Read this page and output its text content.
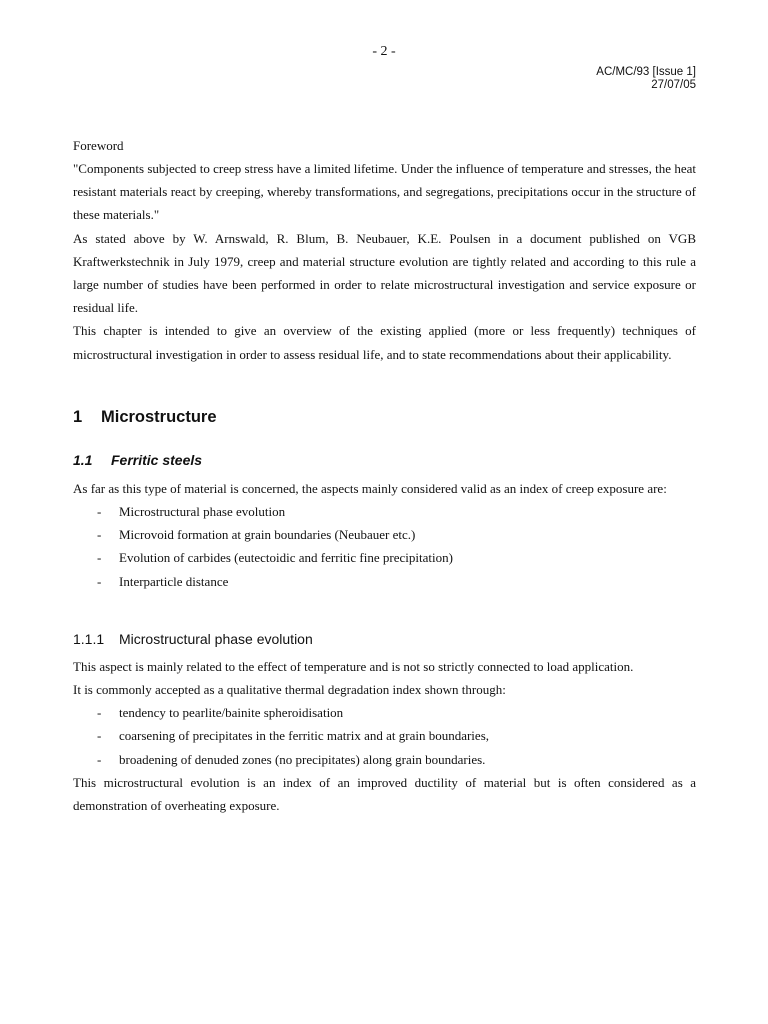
- 2 -
AC/MC/93 [Issue 1]
27/07/05
Foreword

"Components subjected to creep stress have a limited lifetime. Under the influence of temperature and stresses, the heat resistant materials react by creeping, whereby transformations, and segregations, precipitations occur in the structure of these materials."

As stated above by W. Arnswald, R. Blum, B. Neubauer, K.E. Poulsen in a document published on VGB Kraftwerkstechnik in July 1979, creep and material structure evolution are tightly related and according to this rule a large number of studies have been performed in order to relate microstructural investigation and service exposure or residual life.

This chapter is intended to give an overview of the existing applied (more or less frequently) techniques of microstructural investigation in order to assess residual life, and to state recommendations about their applicability.

1 Microstructure
1.1 Ferritic steels

As far as this type of material is concerned, the aspects mainly considered valid as an index of creep exposure are:

- Microstructural phase evolution
- Microvoid formation at grain boundaries (Neubauer etc.)
- Evolution of carbides (eutectoidic and ferritic fine precipitation)
- Interparticle distance
1.1.1 Microstructural phase evolution

This aspect is mainly related to the effect of temperature and is not so strictly connected to load application.

It is commonly accepted as a qualitative thermal degradation index shown through:

- tendency to pearlite/bainite spheroidisation
- coarsening of precipitates in the ferritic matrix and at grain boundaries,
- broadening of denuded zones (no precipitates) along grain boundaries.

This microstructural evolution is an index of an improved ductility of material but is often considered as a demonstration of overheating exposure.
